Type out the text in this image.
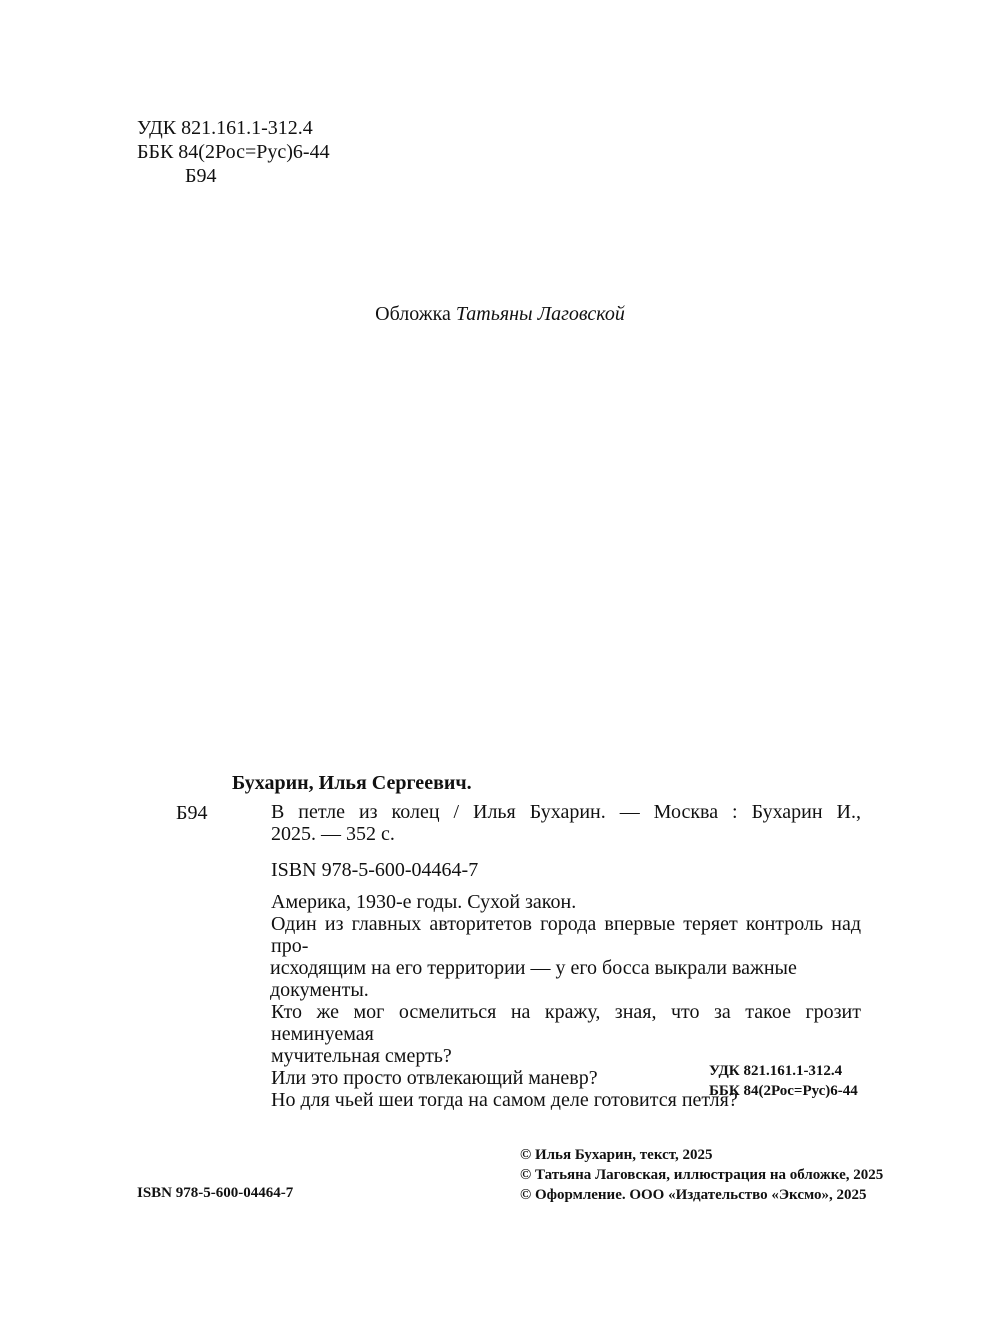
УДК 821.161.1-312.4
ББК 84(2Рос=Рус)6-44
Б94
Обложка Татьяны Лаговской
Бухарин, Илья Сергеевич.
Б94	В петле из колец / Илья Бухарин. — Москва : Бухарин И.,
2025. — 352 с.
ISBN 978-5-600-04464-7
Америка, 1930-е годы. Сухой закон.
Один из главных авторитетов города впервые теряет контроль над про-
исходящим на его территории — у его босса выкрали важные документы.
Кто же мог осмелиться на кражу, зная, что за такое грозит неминуемая
мучительная смерть?
Или это просто отвлекающий маневр?
Но для чьей шеи тогда на самом деле готовится петля?
УДК 821.161.1-312.4
ББК 84(2Рос=Рус)6-44
ISBN 978-5-600-04464-7
© Илья Бухарин, текст, 2025
© Татьяна Лаговская, иллюстрация на обложке, 2025
© Оформление. ООО «Издательство «Эксмо», 2025
